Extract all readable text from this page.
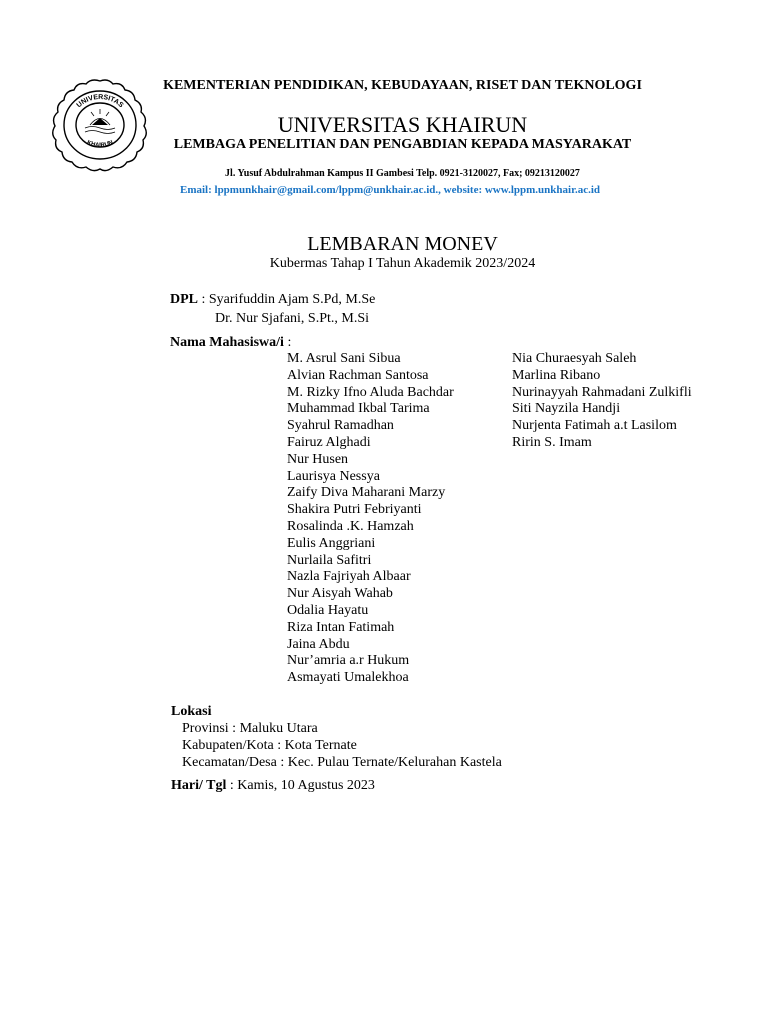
UNIVERSITAS
KHAIRUN
KEMENTERIAN PENDIDIKAN, KEBUDAYAAN, RISET DAN TEKNOLOGI
UNIVERSITAS KHAIRUN
LEMBAGA PENELITIAN DAN PENGABDIAN KEPADA MASYARAKAT
Jl. Yusuf Abdulrahman Kampus II Gambesi Telp. 0921-3120027, Fax; 09213120027
Email: lppmunkhair@gmail.com/lppm@unkhair.ac.id., website: www.lppm.unkhair.ac.id
LEMBARAN MONEV
Kubermas Tahap I Tahun Akademik 2023/2024
DPL : Syarifuddin Ajam S.Pd, M.Se
Dr. Nur Sjafani, S.Pt., M.Si
Nama Mahasiswa/i :
M. Asrul Sani Sibua
Alvian Rachman Santosa
M. Rizky Ifno Aluda Bachdar
Muhammad Ikbal Tarima
Syahrul Ramadhan
Fairuz Alghadi
Nur Husen
Laurisya Nessya
Zaify Diva Maharani Marzy
Shakira Putri Febriyanti
Rosalinda .K. Hamzah
Eulis Anggriani
Nurlaila Safitri
Nazla Fajriyah Albaar
Nur Aisyah Wahab
Odalia Hayatu
Riza Intan Fatimah
Jaina Abdu
Nur’amria a.r Hukum
Asmayati Umalekhoa
Nia Churaesyah Saleh
Marlina Ribano
Nurinayyah Rahmadani Zulkifli
Siti Nayzila Handji
Nurjenta Fatimah a.t Lasilom
Ririn S. Imam
Lokasi
Provinsi : Maluku Utara
Kabupaten/Kota : Kota Ternate
Kecamatan/Desa : Kec. Pulau Ternate/Kelurahan Kastela
Hari/ Tgl : Kamis, 10 Agustus 2023
